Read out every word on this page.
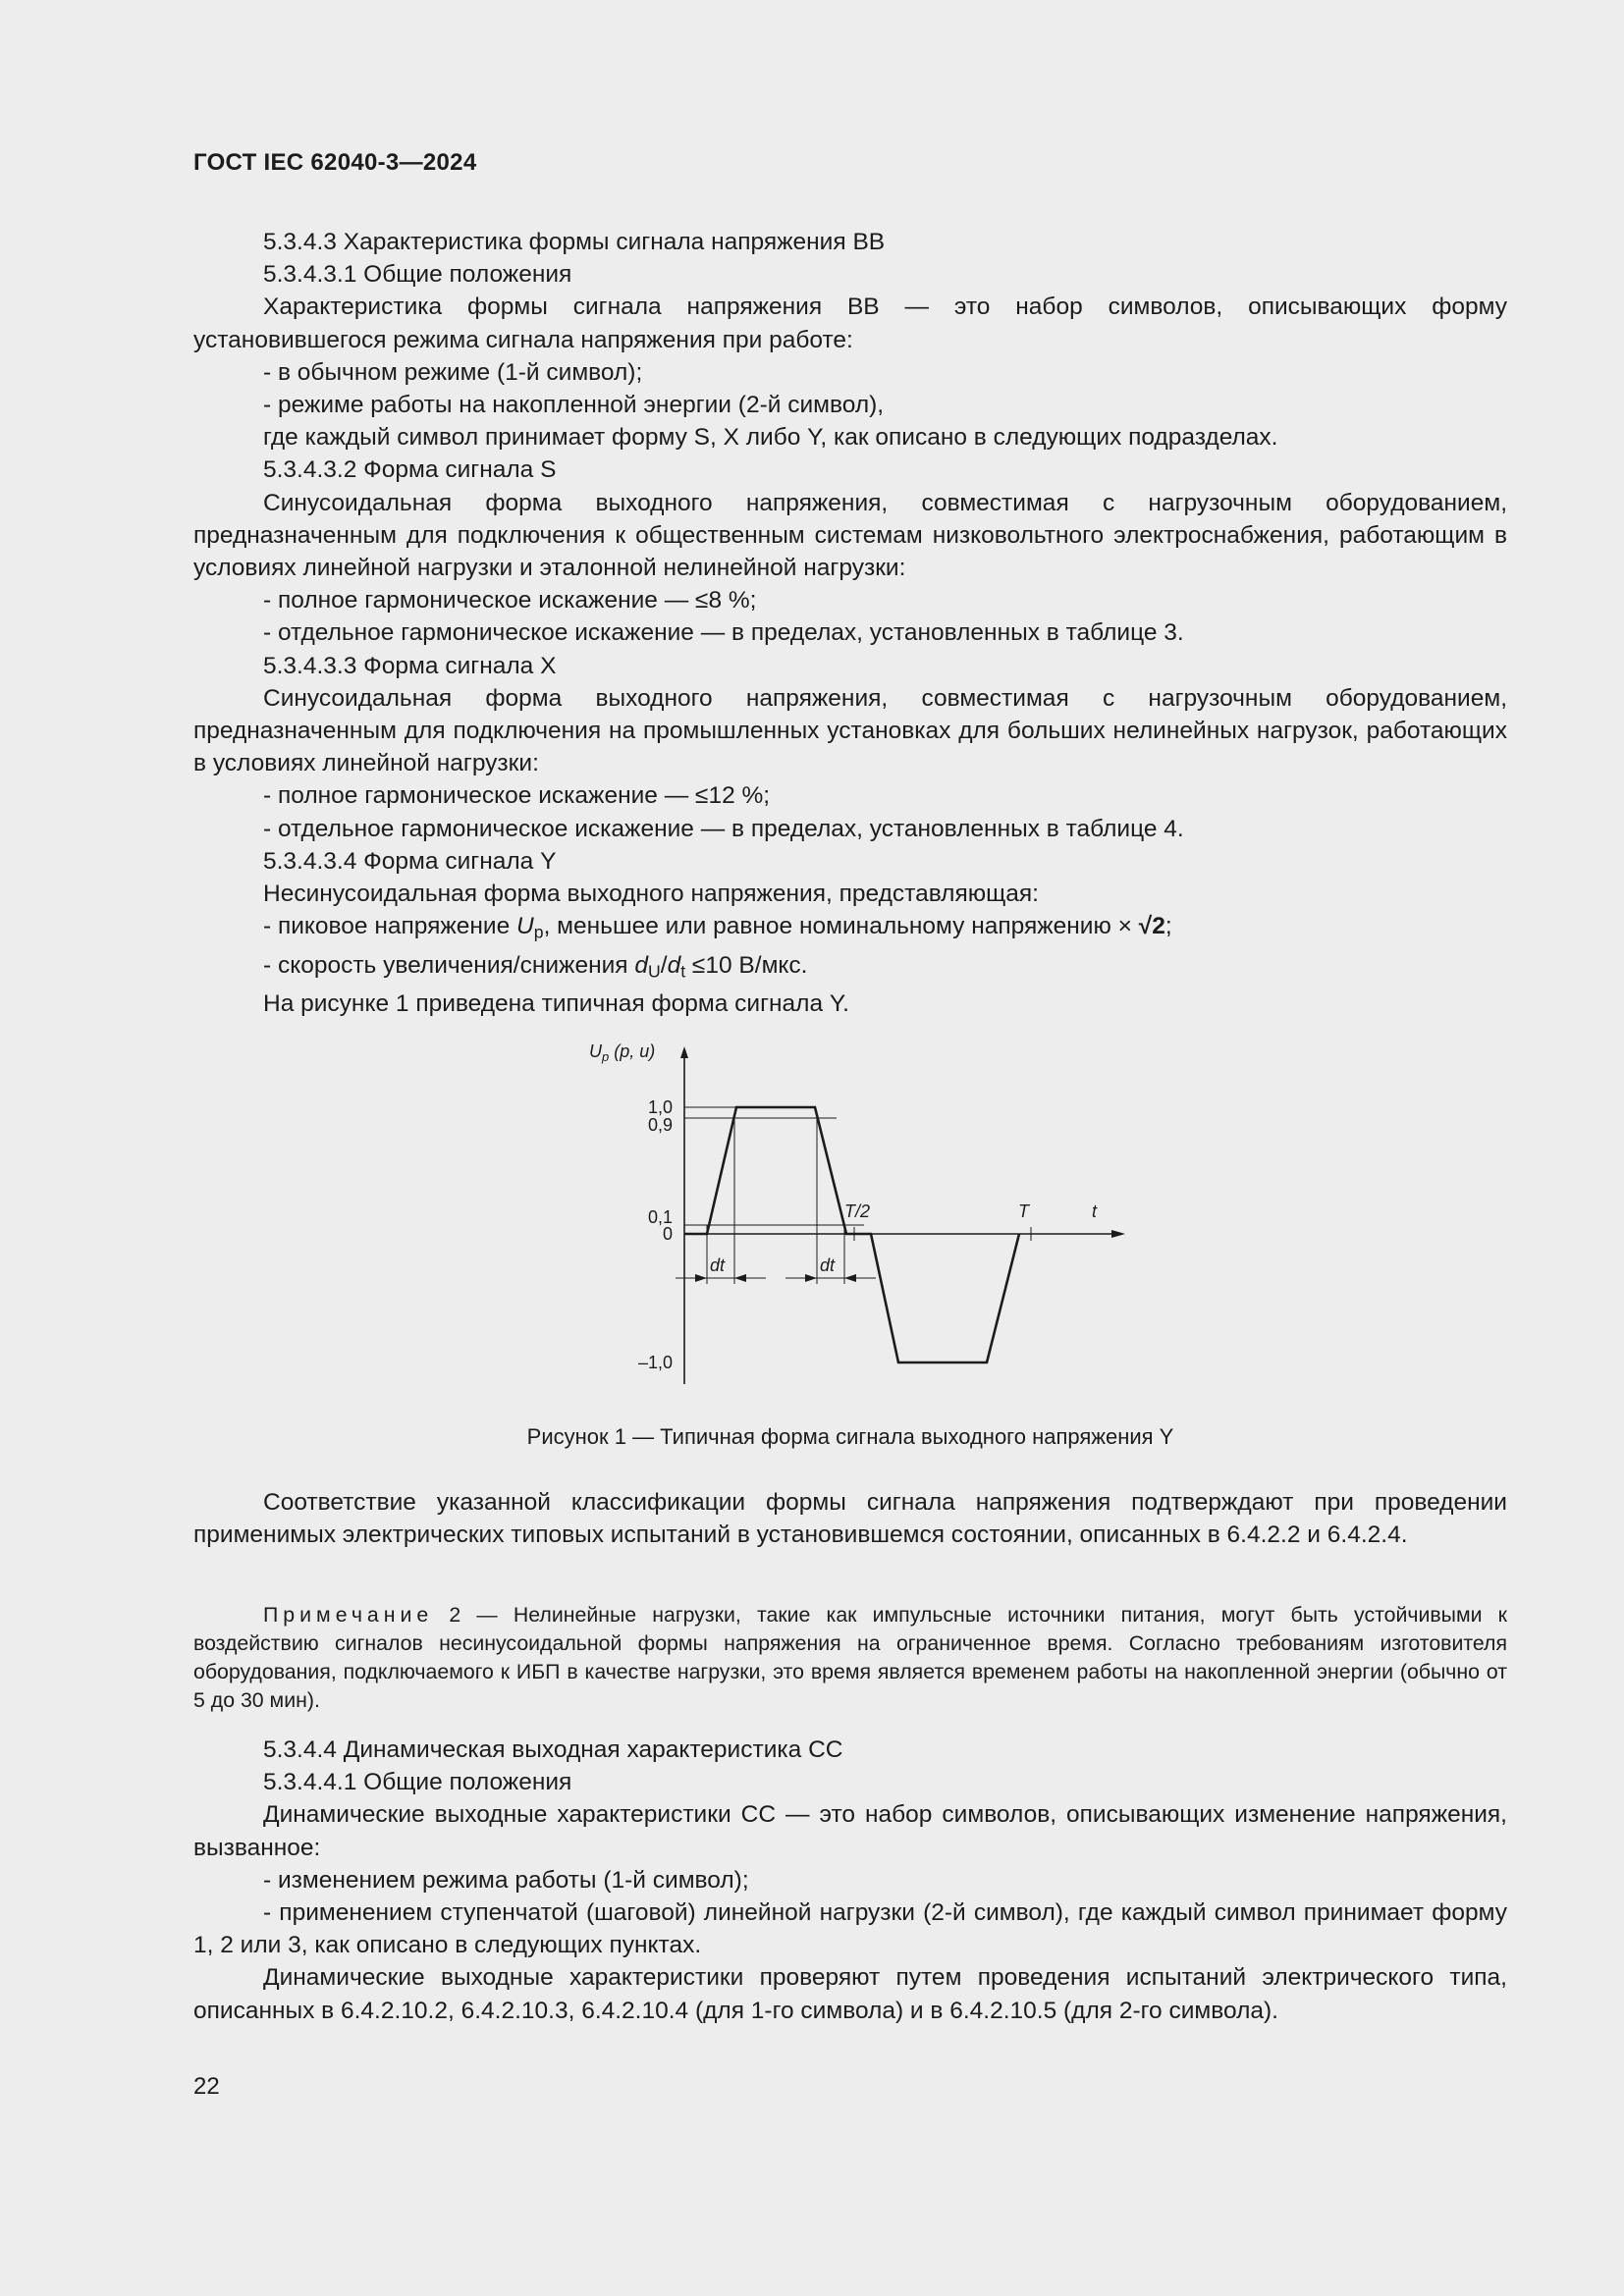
ГОСТ IEC 62040-3—2024

5.3.4.3 Характеристика формы сигнала напряжения ВВ

5.3.4.3.1 Общие положения

Характеристика формы сигнала напряжения ВВ — это набор символов, описывающих форму установившегося режима сигнала напряжения при работе:

- в обычном режиме (1-й символ);

- режиме работы на накопленной энергии (2-й символ),

где каждый символ принимает форму S, X либо Y, как описано в следующих подразделах.

5.3.4.3.2 Форма сигнала S

Синусоидальная форма выходного напряжения, совместимая с нагрузочным оборудованием, предназначенным для подключения к общественным системам низковольтного электроснабжения, работающим в условиях линейной нагрузки и эталонной нелинейной нагрузки:

- полное гармоническое искажение — ≤8 %;

- отдельное гармоническое искажение — в пределах, установленных в таблице 3.

5.3.4.3.3 Форма сигнала X

Синусоидальная форма выходного напряжения, совместимая с нагрузочным оборудованием, предназначенным для подключения на промышленных установках для больших нелинейных нагрузок, работающих в условиях линейной нагрузки:

- полное гармоническое искажение — ≤12 %;

- отдельное гармоническое искажение — в пределах, установленных в таблице 4.

5.3.4.3.4 Форма сигнала Y

Несинусоидальная форма выходного напряжения, представляющая:

- пиковое напряжение $U_p$, меньшее или равное номинальному напряжению × √2;

- скорость увеличения/снижения $d_U/d_t \le 10$ В/мкс.

На рисунке 1 приведена типичная форма сигнала Y.

$U_p$ (p, u)
1,0
0,9
0,1
0
–1,0
T/2	T	t
dt	dt
Рисунок 1 — Типичная форма сигнала выходного напряжения Y

Соответствие указанной классификации формы сигнала напряжения подтверждают при проведении применимых электрических типовых испытаний в установившемся состоянии, описанных в 6.4.2.2 и 6.4.2.4.

Примечание 2 — Нелинейные нагрузки, такие как импульсные источники питания, могут быть устойчивыми к воздействию сигналов несинусоидальной формы напряжения на ограниченное время. Согласно требованиям изготовителя оборудования, подключаемого к ИБП в качестве нагрузки, это время является временем работы на накопленной энергии (обычно от 5 до 30 мин).

5.3.4.4 Динамическая выходная характеристика СС

5.3.4.4.1 Общие положения

Динамические выходные характеристики СС — это набор символов, описывающих изменение напряжения, вызванное:

- изменением режима работы (1-й символ);

- применением ступенчатой (шаговой) линейной нагрузки (2-й символ), где каждый символ принимает форму 1, 2 или 3, как описано в следующих пунктах.

Динамические выходные характеристики проверяют путем проведения испытаний электрического типа, описанных в 6.4.2.10.2, 6.4.2.10.3, 6.4.2.10.4 (для 1-го символа) и в 6.4.2.10.5 (для 2-го символа).

22
